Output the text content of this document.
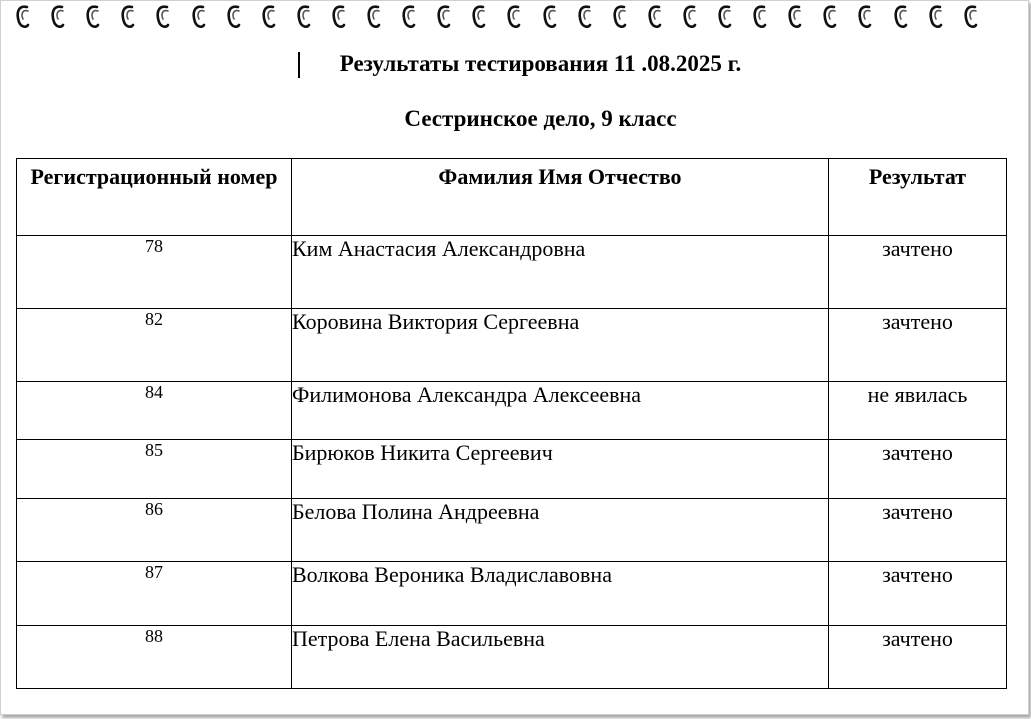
Результаты тестирования 11 .08.2025 г.
Сестринское дело, 9 класс
Регистрационный номер	Фамилия Имя Отчество	Результат
78	Ким Анастасия Александровна	зачтено
82	Коровина Виктория Сергеевна	зачтено
84	Филимонова Александра Алексеевна	не явилась
85	Бирюков Никита Сергеевич	зачтено
86	Белова Полина Андреевна	зачтено
87	Волкова Вероника Владиславовна	зачтено
88	Петрова Елена Васильевна	зачтено
